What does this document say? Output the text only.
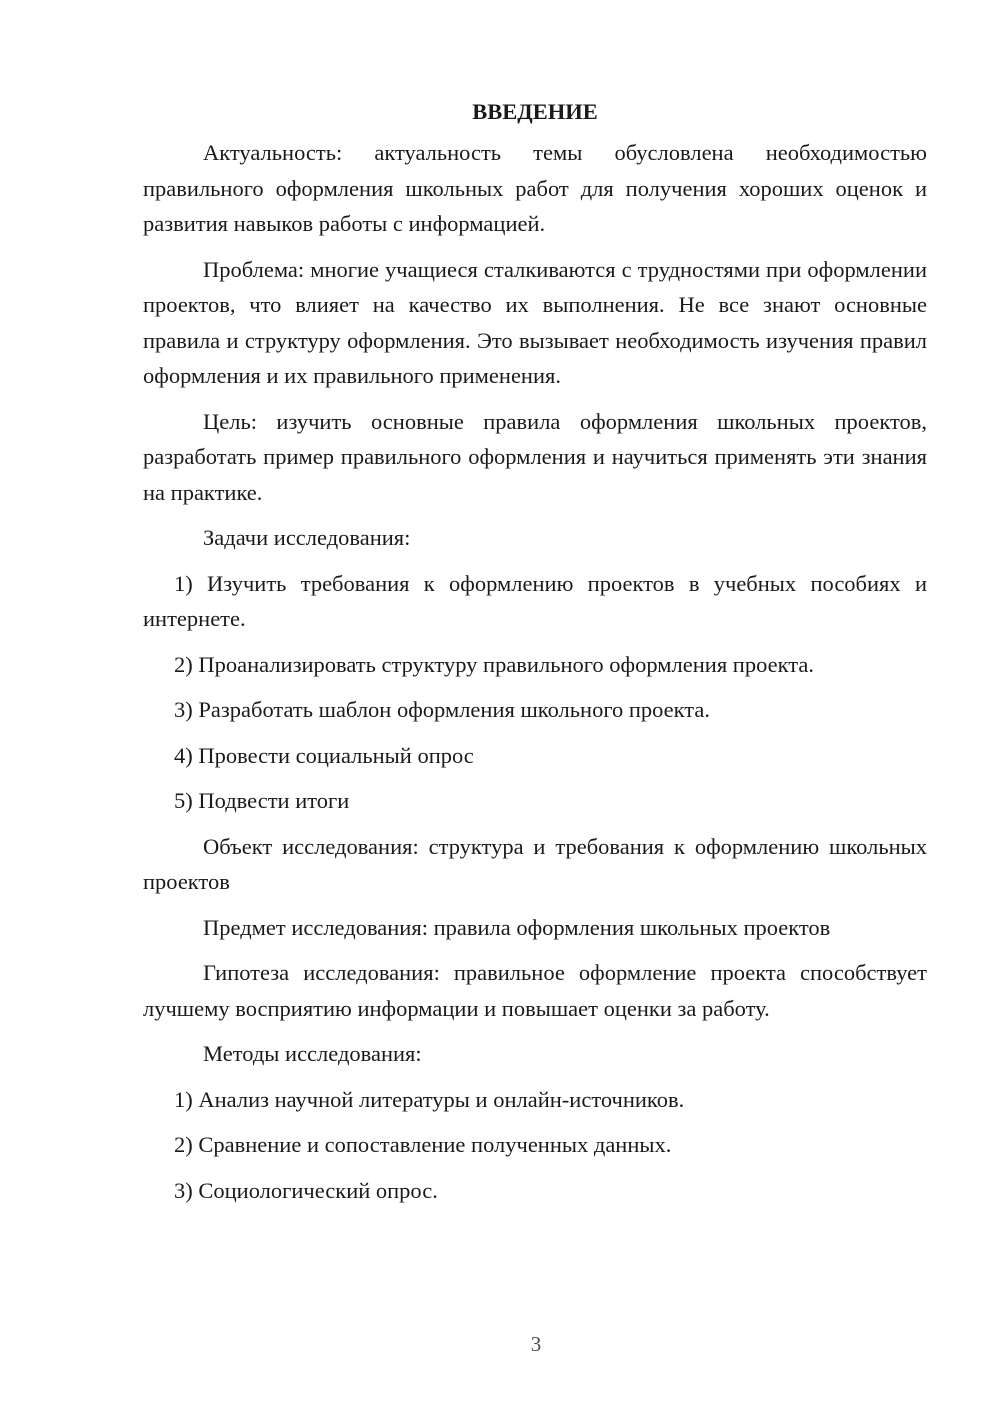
ВВЕДЕНИЕ

Актуальность: актуальность темы обусловлена необходимостью правильного оформления школьных работ для получения хороших оценок и развития навыков работы с информацией.

Проблема: многие учащиеся сталкиваются с трудностями при оформлении проектов, что влияет на качество их выполнения. Не все знают основные правила и структуру оформления. Это вызывает необходимость изучения правил оформления и их правильного применения.

Цель: изучить основные правила оформления школьных проектов, разработать пример правильного оформления и научиться применять эти знания на практике.

Задачи исследования:

1) Изучить требования к оформлению проектов в учебных пособиях и интернете.

2) Проанализировать структуру правильного оформления проекта.

3) Разработать шаблон оформления школьного проекта.

4) Провести социальный опрос

5) Подвести итоги

Объект исследования: структура и требования к оформлению школьных проектов

Предмет исследования: правила оформления школьных проектов

Гипотеза исследования: правильное оформление проекта способствует лучшему восприятию информации и повышает оценки за работу.

Методы исследования:

1) Анализ научной литературы и онлайн-источников.

2) Сравнение и сопоставление полученных данных.

3) Социологический опрос.

3
